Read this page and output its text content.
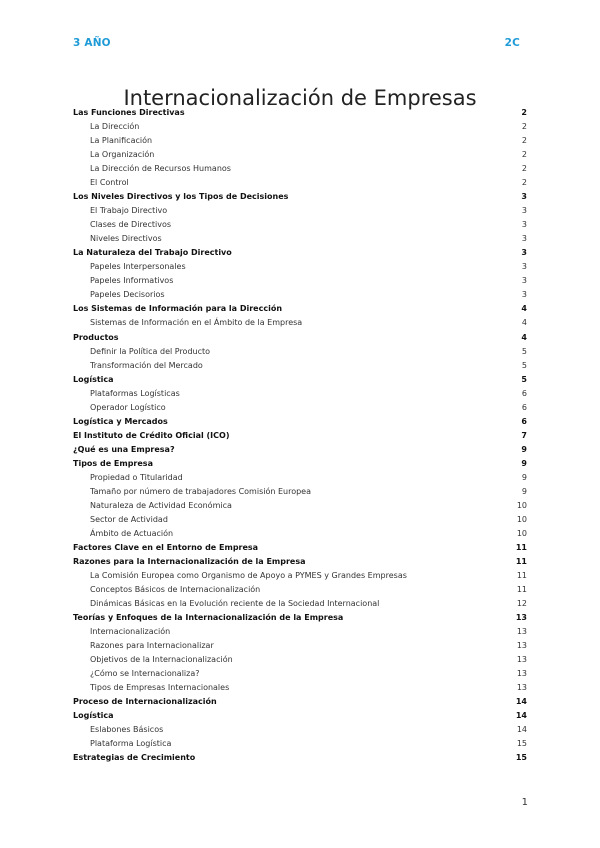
3 AÑO	2C
Internacionalización de Empresas
Las Funciones Directivas	2
La Dirección	2
La Planificación	2
La Organización	2
La Dirección de Recursos Humanos	2
El Control	2
Los Niveles Directivos y los Tipos de Decisiones	3
El Trabajo Directivo	3
Clases de Directivos	3
Niveles Directivos	3
La Naturaleza del Trabajo Directivo	3
Papeles Interpersonales	3
Papeles Informativos	3
Papeles Decisorios	3
Los Sistemas de Información para la Dirección	4
Sistemas de Información en el Ámbito de la Empresa	4
Productos	4
Definir la Política del Producto	5
Transformación del Mercado	5
Logística	5
Plataformas Logísticas	6
Operador Logístico	6
Logística y Mercados	6
El Instituto de Crédito Oficial (ICO)	7
¿Qué es una Empresa?	9
Tipos de Empresa	9
Propiedad o Titularidad	9
Tamaño por número de trabajadores Comisión Europea	9
Naturaleza de Actividad Económica	10
Sector de Actividad	10
Ámbito de Actuación	10
Factores Clave en el Entorno de Empresa	11
Razones para la Internacionalización de la Empresa	11
La Comisión Europea como Organismo de Apoyo a PYMES y Grandes Empresas	11
Conceptos Básicos de Internacionalización	11
Dinámicas Básicas en la Evolución reciente de la Sociedad Internacional	12
Teorías y Enfoques de la Internacionalización de la Empresa	13
Internacionalización	13
Razones para Internacionalizar	13
Objetivos de la Internacionalización	13
¿Cómo se Internacionaliza?	13
Tipos de Empresas Internacionales	13
Proceso de Internacionalización	14
Logística	14
Eslabones Básicos	14
Plataforma Logística	15
Estrategias de Crecimiento	15
1
